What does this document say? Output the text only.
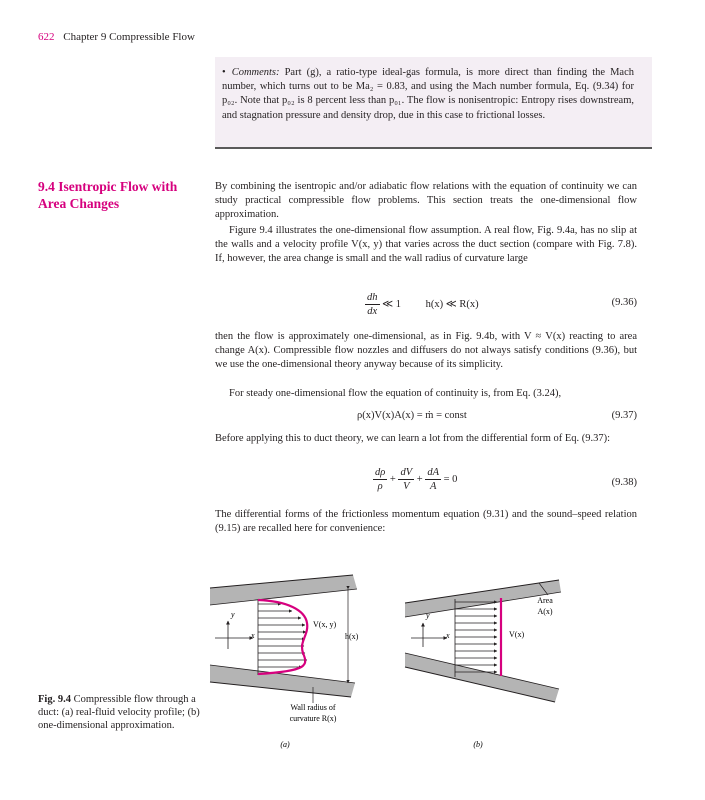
622 Chapter 9 Compressible Flow
• Comments: Part (g), a ratio-type ideal-gas formula, is more direct than finding the Mach number, which turns out to be Ma₂ = 0.83, and using the Mach number formula, Eq. (9.34) for p₀₂. Note that p₀₂ is 8 percent less than p₀₁. The flow is nonisentropic: Entropy rises downstream, and stagnation pressure and density drop, due in this case to frictional losses.
9.4 Isentropic Flow with Area Changes
By combining the isentropic and/or adiabatic flow relations with the equation of continuity we can study practical compressible flow problems. This section treats the one-dimensional flow approximation.
Figure 9.4 illustrates the one-dimensional flow assumption. A real flow, Fig. 9.4a, has no slip at the walls and a velocity profile V(x, y) that varies across the duct section (compare with Fig. 7.8). If, however, the area change is small and the wall radius of curvature large
$\frac{dh}{dx}$ ≪ 1 h(x) ≪ R(x)	(9.36)
then the flow is approximately one-dimensional, as in Fig. 9.4b, with V ≈ V(x) reacting to area change A(x). Compressible flow nozzles and diffusers do not always satisfy conditions (9.36), but we use the one-dimensional theory anyway because of its simplicity.
For steady one-dimensional flow the equation of continuity is, from Eq. (3.24),
ρ(x)V(x)A(x) = ṁ = const	(9.37)
Before applying this to duct theory, we can learn a lot from the differential form of Eq. (9.37):
$\frac{d\rho}{\rho} + \frac{dV}{V} + \frac{dA}{A} = 0$	(9.38)
The differential forms of the frictionless momentum equation (9.31) and the sound–speed relation (9.15) are recalled here for convenience:
y
x
V(x, y)
h(x)
Wall radius of
curvature R(x)
(a)
y
x	V(x)
Area
A(x)
(b)
Fig. 9.4 Compressible flow through a duct: (a) real-fluid velocity profile; (b) one-dimensional approximation.
